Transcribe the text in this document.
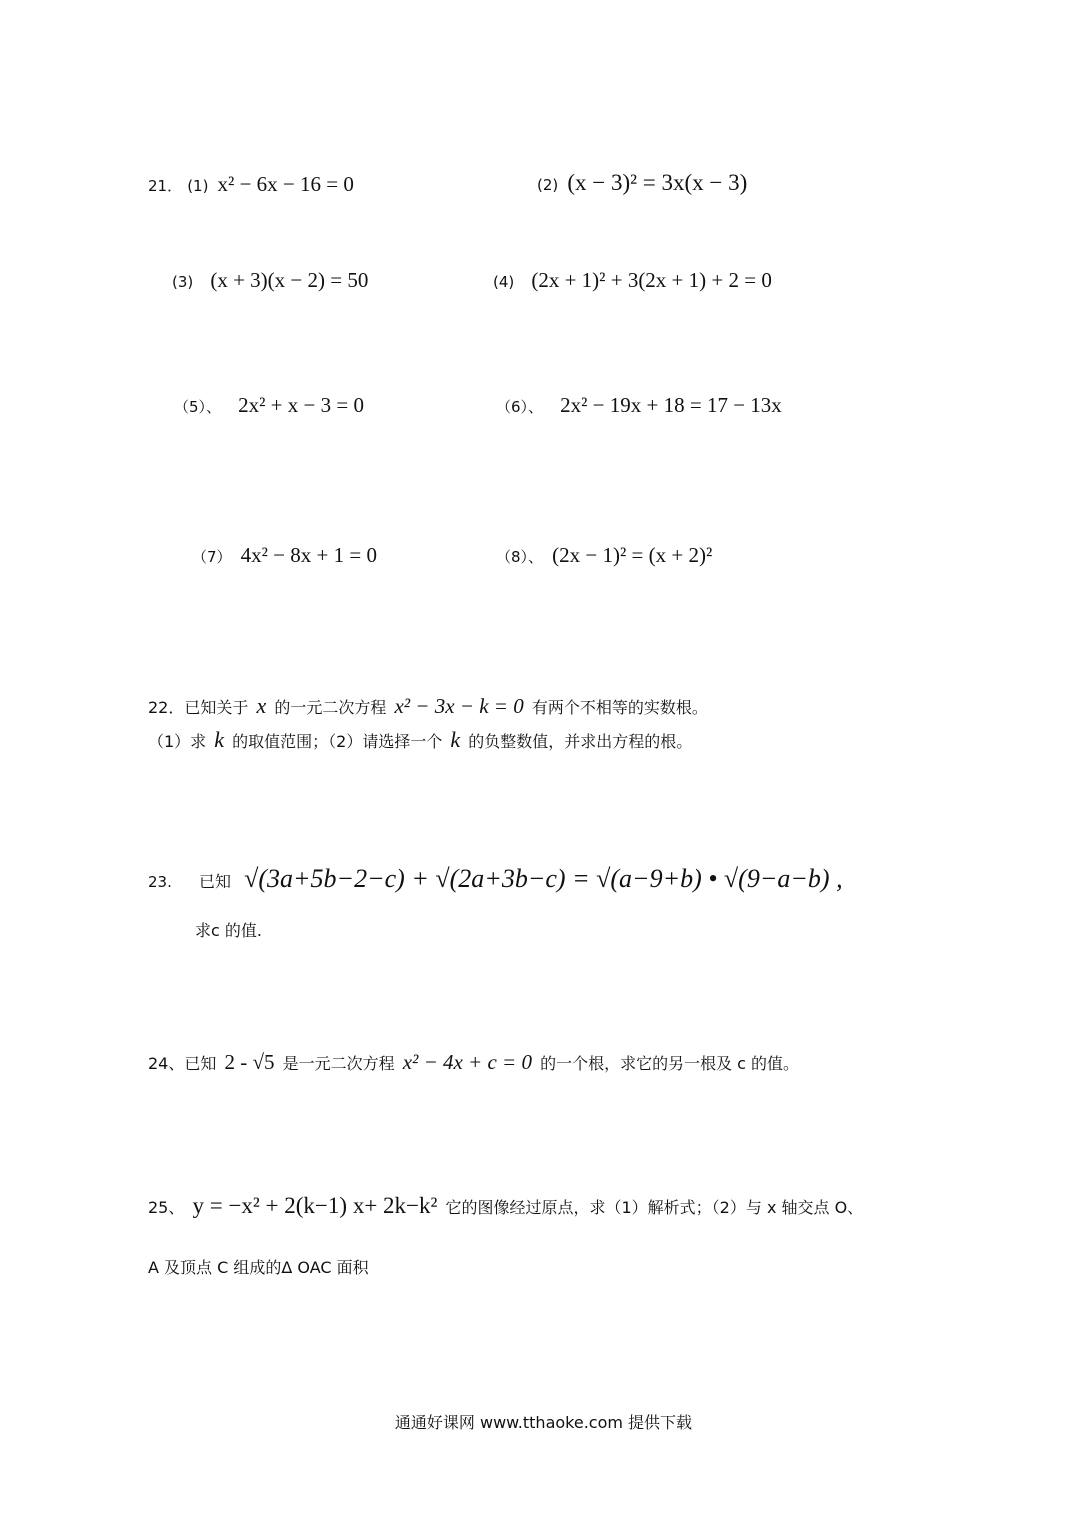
21． (1) x² − 6x − 16 = 0	(2) (x − 3)² = 3x(x − 3)
(3) (x + 3)(x − 2) = 50	(4) (2x + 1)² + 3(2x + 1) + 2 = 0
（5）、 2x² + x − 3 = 0	（6）、 2x² − 19x + 18 = 17 − 13x
（7） 4x² − 8x + 1 = 0	（8）、 (2x − 1)² = (x + 2)²
22．已知关于 x 的一元二次方程 x² − 3x − k = 0 有两个不相等的实数根。
（1）求 k 的取值范围；（2）请选择一个 k 的负整数值，并求出方程的根。
23. 已知 √(3a+5b−2−c) + √(2a+3b−c) = √(a−9+b) • √(9−a−b) ,
求c 的值.
24、已知 2 - √5 是一元二次方程 x² − 4x + c = 0 的一个根，求它的另一根及 c 的值。
25、 y = −x² + 2(k−1) x+ 2k−k² 它的图像经过原点，求（1）解析式；（2）与 x 轴交点 O、
A 及顶点 C 组成的Δ OAC 面积
通通好课网 www.tthaoke.com 提供下载
